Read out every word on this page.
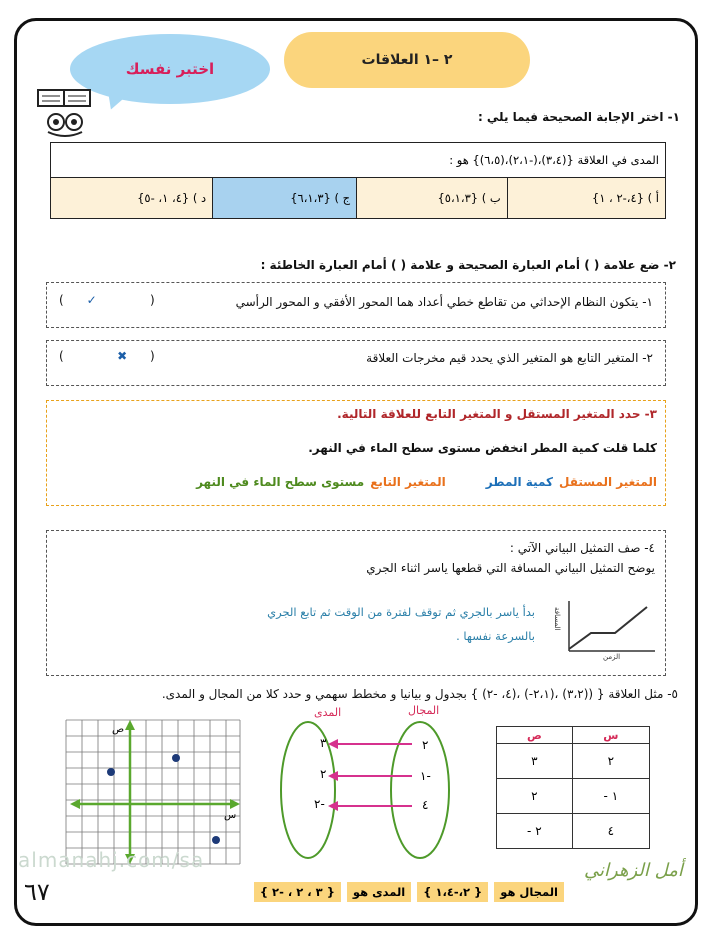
٢ –١ العلاقات
اختبر نفسك
١- اختر الإجابة الصحيحة فيما يلي :
المدى في العلاقة {(٣،٤)،(-٢،١)،(٦،٥)} هو :
أ ) {٤،-٢ ، ١}	ب ) {٥،١،٣}	ج ) {٦،١،٣}	د ) {٤، ١، -٥}
٢- ضع علامة ( ) أمام العبارة الصحيحة و علامة ( ) أمام العبارة الخاطئة :
١- يتكون النظام الإحداثي من تقاطع خطي أعداد هما المحور الأفقي و المحور الرأسي
(      ✓              )
٢- المتغير التابع هو المتغير الذي يحدد قيم مخرجات العلاقة
(              ✖      )
٣- حدد المتغير المستقل و المتغير التابع للعلاقة التالية.
كلما قلت كمية المطر انخفض مستوى سطح الماء في النهر.
المتغير المستقل
كمية المطر
المتغير التابع
مستوى سطح الماء في النهر
٤- صف التمثيل البياني الآتي :
يوضح التمثيل البياني المسافة التي قطعها ياسر اثناء الجري
بدأ ياسر بالجري ثم توقف لفترة من الوقت ثم تابع الجري
بالسرعة نفسها .
المسافة
الزمن
٥- مثل العلاقة { ((٣،٢) ،(٢،١-) ،(٤، -٢) } بجدول و بيانيا و مخطط سهمي و حدد كلا من المجال و المدى.
س	ص
٢	٣
١ -	٢
٤	٢ -
المدى	المجال
٣
٢
٢-
٢
١-
٤
ص
س
المجال هو
{ ٢،-١،٤ }
المدى هو
{ ٣ ، ٢ ، -٢ }
أمل الزهراني
almanahj.com/sa
٦٧
